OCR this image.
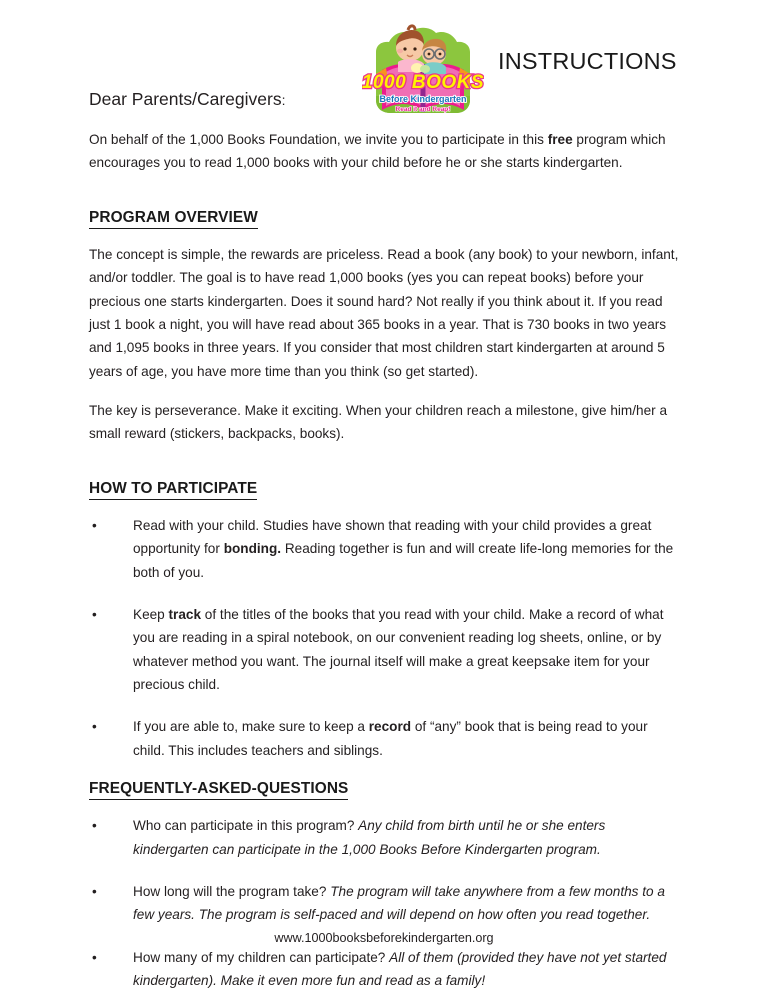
1000 BOOKS
Before Kindergarten
Read it and Reap!
INSTRUCTIONS
Dear Parents/Caregivers:

On behalf of the 1,000 Books Foundation, we invite you to participate in this free program which encourages you to read 1,000 books with your child before he or she starts kindergarten.

PROGRAM OVERVIEW

The concept is simple, the rewards are priceless. Read a book (any book) to your newborn, infant, and/or toddler. The goal is to have read 1,000 books (yes you can repeat books) before your precious one starts kindergarten. Does it sound hard? Not really if you think about it. If you read just 1 book a night, you will have read about 365 books in a year. That is 730 books in two years and 1,095 books in three years. If you consider that most children start kindergarten at around 5 years of age, you have more time than you think (so get started).

The key is perseverance. Make it exciting. When your children reach a milestone, give him/her a small reward (stickers, backpacks, books).

HOW TO PARTICIPATE
•	Read with your child. Studies have shown that reading with your child provides a great opportunity for bonding. Reading together is fun and will create life-long memories for the both of you.
•	Keep track of the titles of the books that you read with your child. Make a record of what you are reading in a spiral notebook, on our convenient reading log sheets, online, or by whatever method you want. The journal itself will make a great keepsake item for your precious child.
•	If you are able to, make sure to keep a record of “any” book that is being read to your child. This includes teachers and siblings.
FREQUENTLY-ASKED-QUESTIONS
•	Who can participate in this program? Any child from birth until he or she enters kindergarten can participate in the 1,000 Books Before Kindergarten program.
•	How long will the program take? The program will take anywhere from a few months to a few years. The program is self-paced and will depend on how often you read together.
•	How many of my children can participate? All of them (provided they have not yet started kindergarten). Make it even more fun and read as a family!
www.1000booksbeforekindergarten.org
